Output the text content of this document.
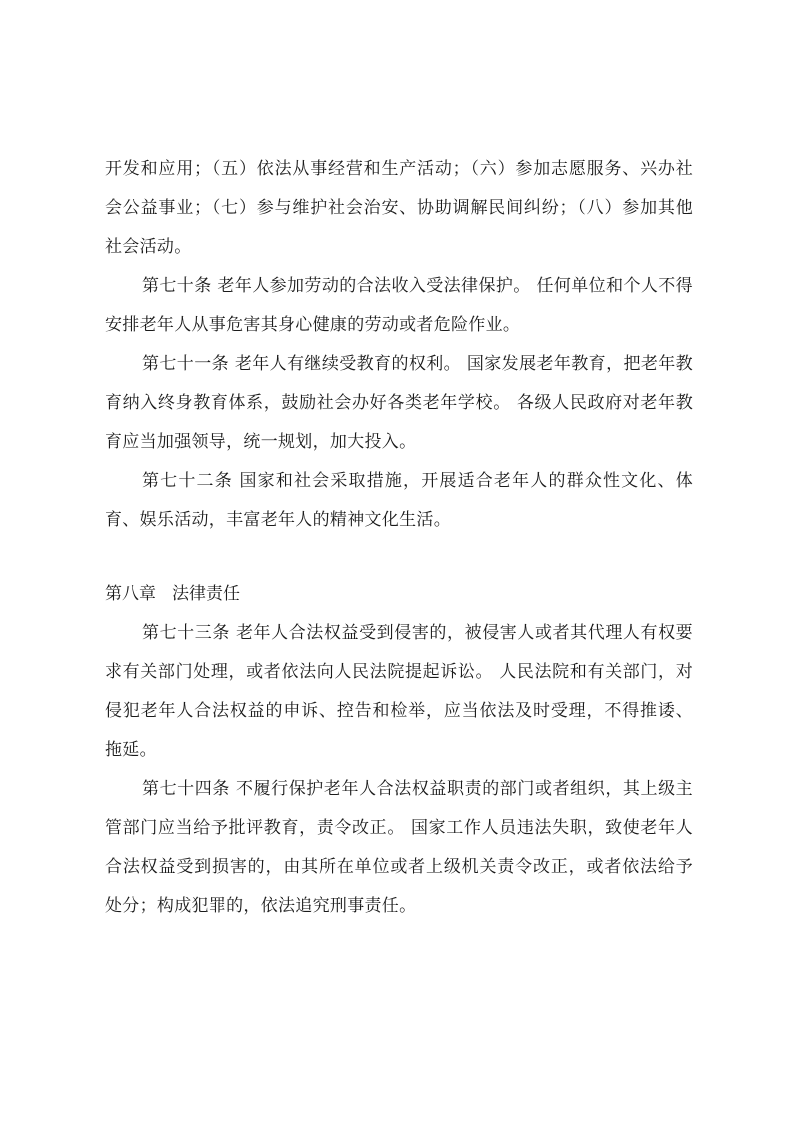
开发和应用；（五）依法从事经营和生产活动；（六）参加志愿服务、兴办社会公益事业；（七）参与维护社会治安、协助调解民间纠纷；（八）参加其他社会活动。

第七十条 老年人参加劳动的合法收入受法律保护。 任何单位和个人不得安排老年人从事危害其身心健康的劳动或者危险作业。

第七十一条 老年人有继续受教育的权利。 国家发展老年教育，把老年教育纳入终身教育体系，鼓励社会办好各类老年学校。 各级人民政府对老年教育应当加强领导，统一规划，加大投入。

第七十二条 国家和社会采取措施，开展适合老年人的群众性文化、体育、娱乐活动，丰富老年人的精神文化生活。

第八章 法律责任

第七十三条 老年人合法权益受到侵害的，被侵害人或者其代理人有权要求有关部门处理，或者依法向人民法院提起诉讼。 人民法院和有关部门，对侵犯老年人合法权益的申诉、控告和检举，应当依法及时受理，不得推诿、拖延。

第七十四条 不履行保护老年人合法权益职责的部门或者组织，其上级主管部门应当给予批评教育，责令改正。 国家工作人员违法失职，致使老年人合法权益受到损害的，由其所在单位或者上级机关责令改正，或者依法给予处分；构成犯罪的，依法追究刑事责任。
